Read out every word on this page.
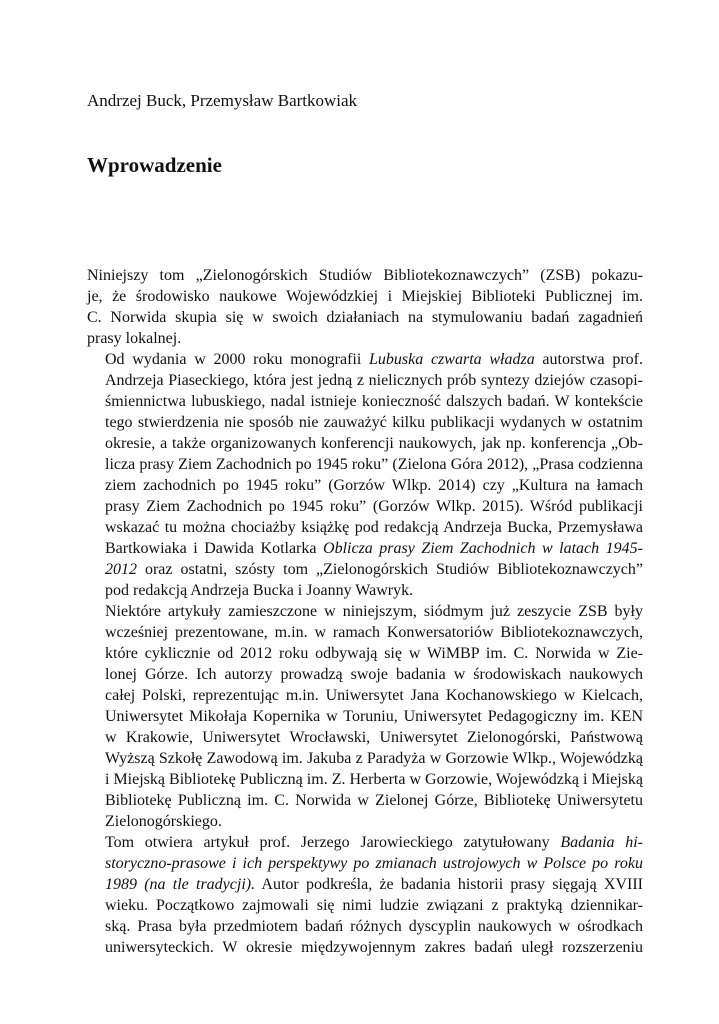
Andrzej Buck, Przemysław Bartkowiak
Wprowadzenie

Niniejszy tom „Zielonogórskich Studiów Bibliotekoznawczych” (ZSB) pokazu-
je, że środowisko naukowe Wojewódzkiej i Miejskiej Biblioteki Publicznej im.
C. Norwida skupia się w swoich działaniach na stymulowaniu badań zagadnień
prasy lokalnej.

Od wydania w 2000 roku monografii Lubuska czwarta władza autorstwa prof.
Andrzeja Piaseckiego, która jest jedną z nielicznych prób syntezy dziejów czasopi-
śmiennictwa lubuskiego, nadal istnieje konieczność dalszych badań. W kontekście
tego stwierdzenia nie sposób nie zauważyć kilku publikacji wydanych w ostatnim
okresie, a także organizowanych konferencji naukowych, jak np. konferencja „Ob-
licza prasy Ziem Zachodnich po 1945 roku” (Zielona Góra 2012), „Prasa codzienna
ziem zachodnich po 1945 roku” (Gorzów Wlkp. 2014) czy „Kultura na łamach
prasy Ziem Zachodnich po 1945 roku” (Gorzów Wlkp. 2015). Wśród publikacji
wskazać tu można chociażby książkę pod redakcją Andrzeja Bucka, Przemysława
Bartkowiaka i Dawida Kotlarka Oblicza prasy Ziem Zachodnich w latach 1945-
2012 oraz ostatni, szósty tom „Zielonogórskich Studiów Bibliotekoznawczych”
pod redakcją Andrzeja Bucka i Joanny Wawryk.

Niektóre artykuły zamieszczone w niniejszym, siódmym już zeszycie ZSB były
wcześniej prezentowane, m.in. w ramach Konwersatoriów Bibliotekoznawczych,
które cyklicznie od 2012 roku odbywają się w WiMBP im. C. Norwida w Zie-
lonej Górze. Ich autorzy prowadzą swoje badania w środowiskach naukowych
całej Polski, reprezentując m.in. Uniwersytet Jana Kochanowskiego w Kielcach,
Uniwersytet Mikołaja Kopernika w Toruniu, Uniwersytet Pedagogiczny im. KEN
w Krakowie, Uniwersytet Wrocławski, Uniwersytet Zielonogórski, Państwową
Wyższą Szkołę Zawodową im. Jakuba z Paradyża w Gorzowie Wlkp., Wojewódzką
i Miejską Bibliotekę Publiczną im. Z. Herberta w Gorzowie, Wojewódzką i Miejską
Bibliotekę Publiczną im. C. Norwida w Zielonej Górze, Bibliotekę Uniwersytetu
Zielonogórskiego.

Tom otwiera artykuł prof. Jerzego Jarowieckiego zatytułowany Badania hi-
storyczno-prasowe i ich perspektywy po zmianach ustrojowych w Polsce po roku
1989 (na tle tradycji). Autor podkreśla, że badania historii prasy sięgają XVIII
wieku. Początkowo zajmowali się nimi ludzie związani z praktyką dziennikar-
ską. Prasa była przedmiotem badań różnych dyscyplin naukowych w ośrodkach
uniwersyteckich. W okresie międzywojennym zakres badań uległ rozszerzeniu
